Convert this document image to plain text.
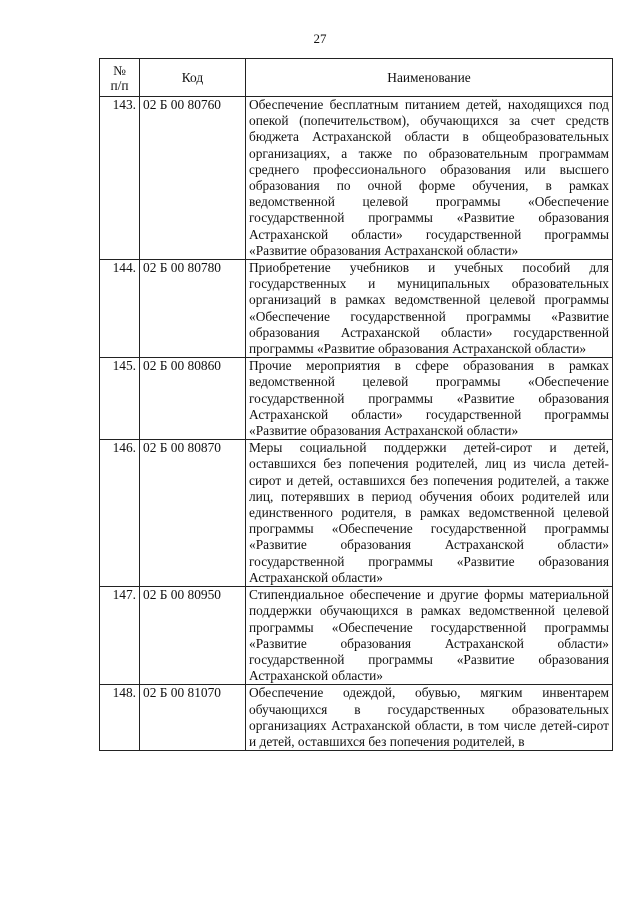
27
№
п/п	Код	Наименование
143.	02 Б 00 80760	Обеспечение бесплатным питанием детей, находящихся под опекой (попечительством), обучающихся за счет средств бюджета Астраханской области в общеобразовательных организациях, а также по образовательным программам среднего профессионального образования или высшего образования по очной форме обучения, в рамках ведомственной целевой программы «Обеспечение государственной программы «Развитие образования Астраханской области» государственной программы «Развитие образования Астраханской области»
144.	02 Б 00 80780	Приобретение учебников и учебных пособий для государственных и муниципальных образовательных организаций в рамках ведомственной целевой программы «Обеспечение государственной программы «Развитие образования Астраханской области» государственной программы «Развитие образования Астраханской области»
145.	02 Б 00 80860	Прочие мероприятия в сфере образования в рамках ведомственной целевой программы «Обеспечение государственной программы «Развитие образования Астраханской области» государственной программы «Развитие образования Астраханской области»
146.	02 Б 00 80870	Меры социальной поддержки детей-сирот и детей, оставшихся без попечения родителей, лиц из числа детей-сирот и детей, оставшихся без попечения родителей, а также лиц, потерявших в период обучения обоих родителей или единственного родителя, в рамках ведомственной целевой программы «Обеспечение государственной программы «Развитие образования Астраханской области» государственной программы «Развитие образования Астраханской области»
147.	02 Б 00 80950	Стипендиальное обеспечение и другие формы материальной поддержки обучающихся в рамках ведомственной целевой программы «Обеспечение государственной программы «Развитие образования Астраханской области» государственной программы «Развитие образования Астраханской области»
148.	02 Б 00 81070	Обеспечение одеждой, обувью, мягким инвентарем обучающихся в государственных образовательных организациях Астраханской области, в том числе детей-сирот и детей, оставшихся без попечения родителей, в
